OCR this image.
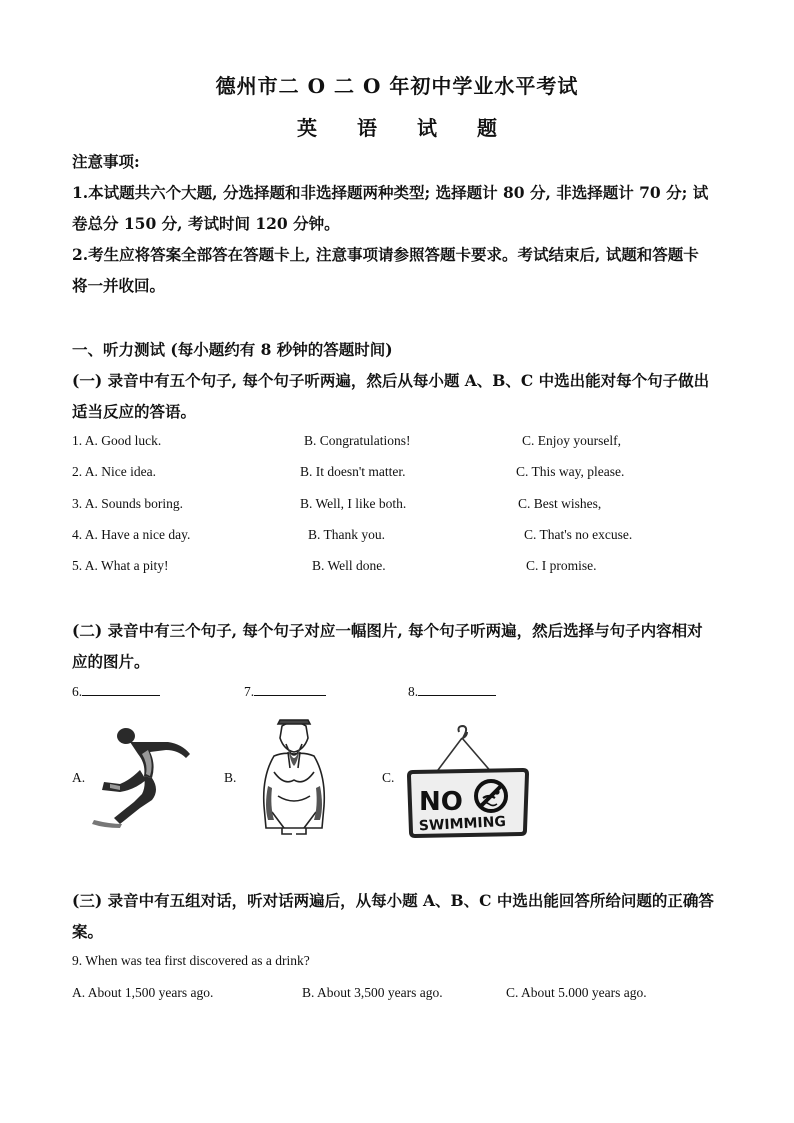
德州市二 O 二 O 年初中学业水平考试
英 语 试 题
注意事项:
1.本试题共六个大题, 分选择题和非选择题两种类型; 选择题计 80 分, 非选择题计 70 分; 试
卷总分 150 分, 考试时间 120 分钟。
2.考生应将答案全部答在答题卡上, 注意事项请参照答题卡要求。考试结束后, 试题和答题卡
将一并收回。
一、听力测试 (每小题约有 8 秒钟的答题时间)
(一) 录音中有五个句子, 每个句子听两遍，然后从每小题 A、B、C 中选出能对每个句子做出
适当反应的答语。
1. A. Good luck.	B. Congratulations!	C. Enjoy yourself,
2. A. Nice idea.	B. It doesn't matter.	C. This way, please.
3. A. Sounds boring.	B. Well, I like both.	C. Best wishes,
4. A. Have a nice day.	B. Thank you.	C. That's no excuse.
5. A. What a pity!	B. Well done.	C. I promise.
(二) 录音中有三个句子, 每个句子对应一幅图片, 每个句子听两遍，然后选择与句子内容相对
应的图片。
6.	7.	8.
A.	B.	C.
NO
SWIMMING
(三) 录音中有五组对话，听对话两遍后，从每小题 A、B、C 中选出能回答所给问题的正确答
案。
9. When was tea first discovered as a drink?
A. About 1,500 years ago.	B. About 3,500 years ago.	C. About 5.000 years ago.
